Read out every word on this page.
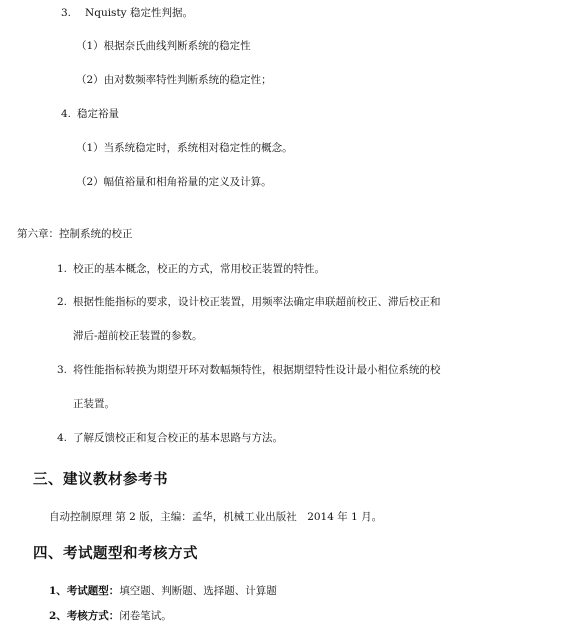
3. Nquisty 稳定性判据。
（1）根据奈氏曲线判断系统的稳定性
（2）由对数频率特性判断系统的稳定性；
4. 稳定裕量
（1）当系统稳定时，系统相对稳定性的概念。
（2）幅值裕量和相角裕量的定义及计算。
第六章：控制系统的校正
1. 校正的基本概念，校正的方式，常用校正装置的特性。
2. 根据性能指标的要求，设计校正装置，用频率法确定串联超前校正、滞后校正和
滞后-超前校正装置的参数。
3. 将性能指标转换为期望开环对数幅频特性，根据期望特性设计最小相位系统的校
正装置。
4. 了解反馈校正和复合校正的基本思路与方法。
三、建议教材参考书
自动控制原理 第 2 版，主编：孟华，机械工业出版社　2014 年 1 月。
四、考试题型和考核方式
1、考试题型：填空题、判断题、选择题、计算题
2、考核方式：闭卷笔试。
